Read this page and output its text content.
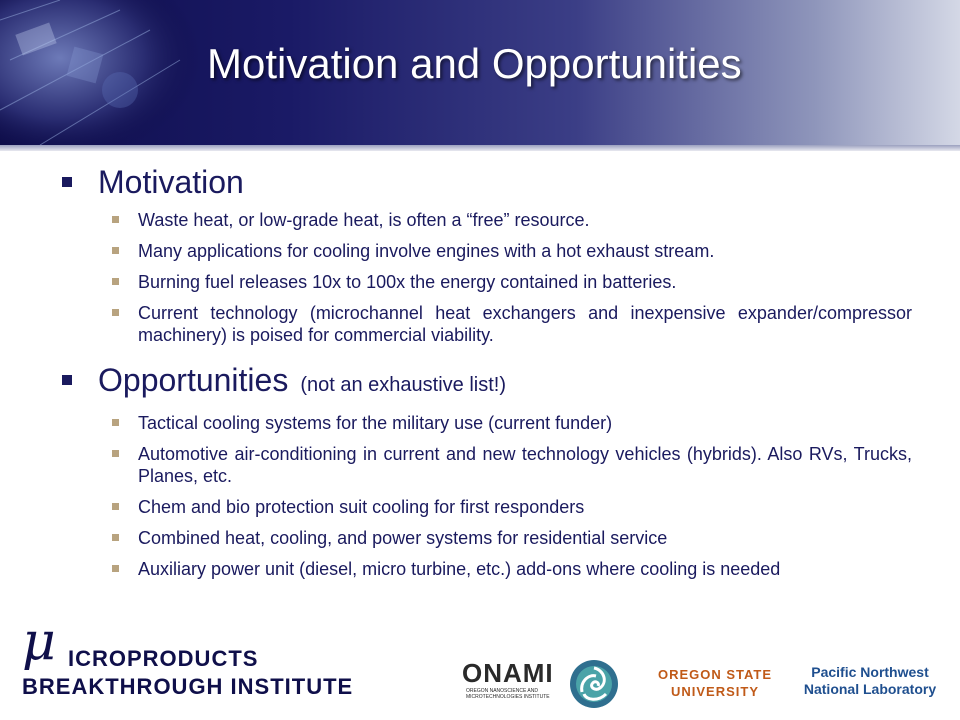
Motivation and Opportunities
Motivation
Waste heat, or low-grade heat, is often a “free” resource.
Many applications for cooling involve engines with a hot exhaust stream.
Burning fuel releases 10x to 100x the energy contained in batteries.
Current technology (microchannel heat exchangers and inexpensive expander/compressor machinery) is poised for commercial viability.
Opportunities (not an exhaustive list!)
Tactical cooling systems for the military use (current funder)
Automotive air-conditioning in current and new technology vehicles (hybrids). Also RVs, Trucks, Planes, etc.
Chem and bio protection suit cooling for first responders
Combined heat, cooling, and power systems for residential service
Auxiliary power unit (diesel, micro turbine, etc.) add-ons where cooling is needed
μ ICROPRODUCTS
BREAKTHROUGH INSTITUTE	ONAMI
OREGON NANOSCIENCE AND MICROTECHNOLOGIES INSTITUTE
OREGON STATE
UNIVERSITY
Pacific Northwest
National Laboratory
